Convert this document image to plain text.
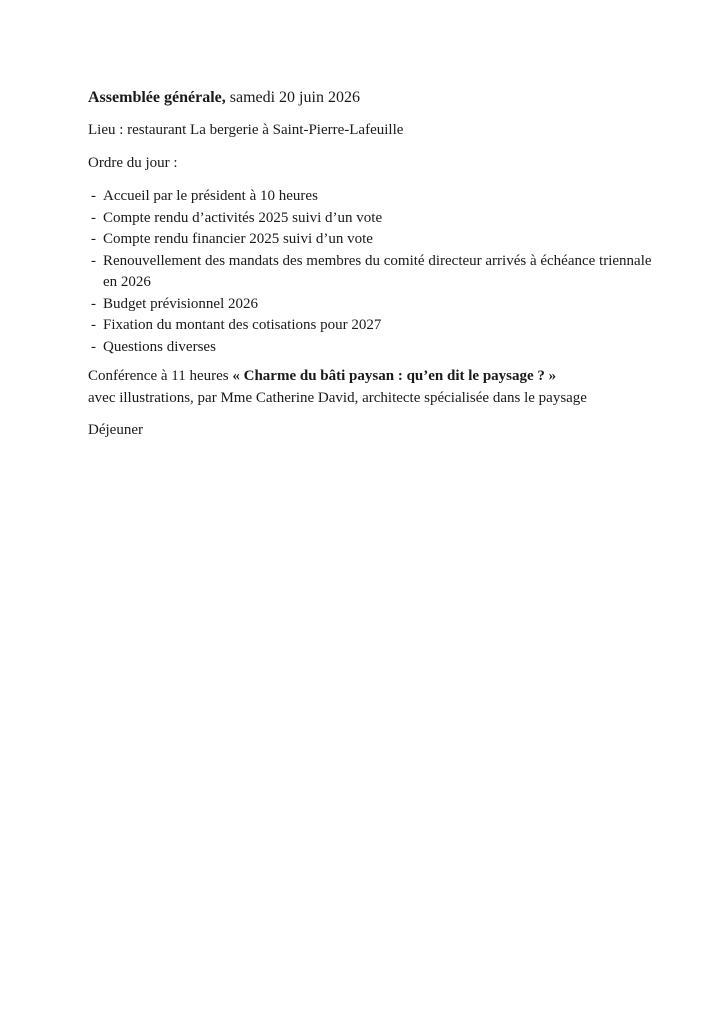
Assemblée générale, samedi 20 juin 2026

Lieu : restaurant La bergerie à Saint-Pierre-Lafeuille

Ordre du jour :

- Accueil par le président à 10 heures
- Compte rendu d’activités 2025 suivi d’un vote
- Compte rendu financier 2025 suivi d’un vote
- Renouvellement des mandats des membres du comité directeur arrivés à échéance triennale en 2026
- Budget prévisionnel 2026
- Fixation du montant des cotisations pour 2027
- Questions diverses

Conférence à 11 heures « Charme du bâti paysan : qu’en dit le paysage ? »
avec illustrations, par Mme Catherine David, architecte spécialisée dans le paysage

Déjeuner
